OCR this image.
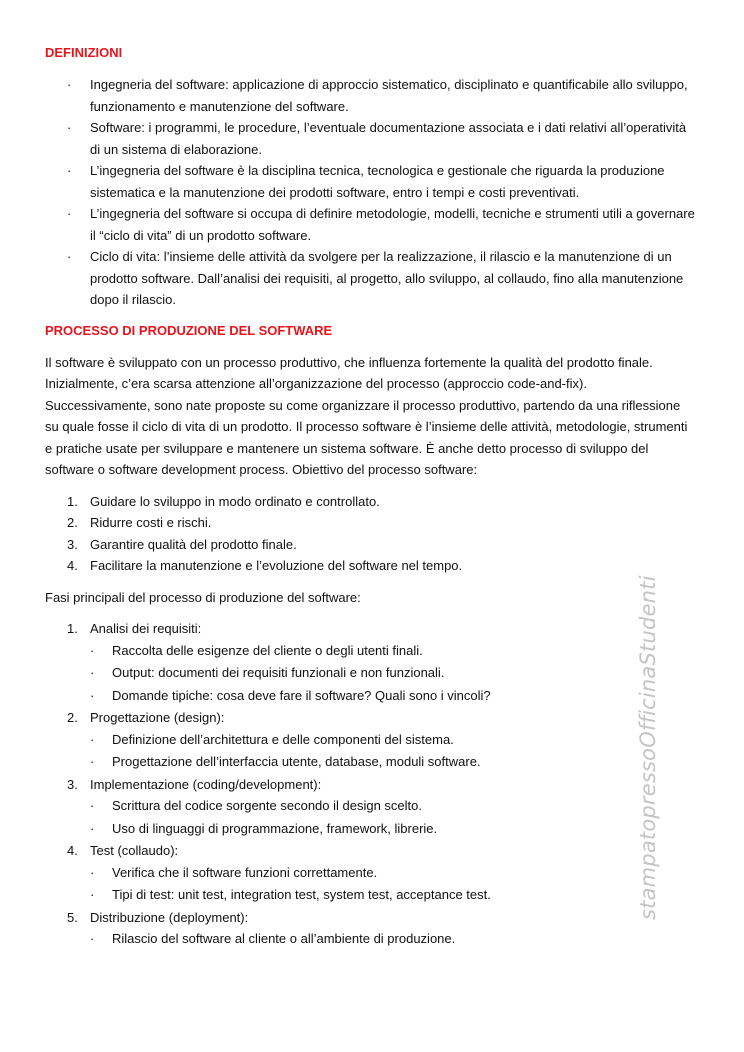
DEFINIZIONI
· Ingegneria del software: applicazione di approccio sistematico, disciplinato e quantificabile allo sviluppo, funzionamento e manutenzione del software.
· Software: i programmi, le procedure, l’eventuale documentazione associata e i dati relativi all’operatività di un sistema di elaborazione.
· L’ingegneria del software è la disciplina tecnica, tecnologica e gestionale che riguarda la produzione sistematica e la manutenzione dei prodotti software, entro i tempi e costi preventivati.
· L’ingegneria del software si occupa di definire metodologie, modelli, tecniche e strumenti utili a governare il “ciclo di vita” di un prodotto software.
· Ciclo di vita: l’insieme delle attività da svolgere per la realizzazione, il rilascio e la manutenzione di un prodotto software. Dall’analisi dei requisiti, al progetto, allo sviluppo, al collaudo, fino alla manutenzione dopo il rilascio.
PROCESSO DI PRODUZIONE DEL SOFTWARE

Il software è sviluppato con un processo produttivo, che influenza fortemente la qualità del prodotto finale. Inizialmente, c’era scarsa attenzione all’organizzazione del processo (approccio code-and-fix). Successivamente, sono nate proposte su come organizzare il processo produttivo, partendo da una riflessione su quale fosse il ciclo di vita di un prodotto. Il processo software è l’insieme delle attività, metodologie, strumenti e pratiche usate per sviluppare e mantenere un sistema software. È anche detto processo di sviluppo del software o software development process. Obiettivo del processo software:

1. Guidare lo sviluppo in modo ordinato e controllato.
2. Ridurre costi e rischi.
3. Garantire qualità del prodotto finale.
4. Facilitare la manutenzione e l’evoluzione del software nel tempo.

Fasi principali del processo di produzione del software:

1. Analisi dei requisiti:
· Raccolta delle esigenze del cliente o degli utenti finali.
· Output: documenti dei requisiti funzionali e non funzionali.
· Domande tipiche: cosa deve fare il software? Quali sono i vincoli?
2. Progettazione (design):
· Definizione dell’architettura e delle componenti del sistema.
· Progettazione dell’interfaccia utente, database, moduli software.
3. Implementazione (coding/development):
· Scrittura del codice sorgente secondo il design scelto.
· Uso di linguaggi di programmazione, framework, librerie.
4. Test (collaudo):
· Verifica che il software funzioni correttamente.
· Tipi di test: unit test, integration test, system test, acceptance test.
5. Distribuzione (deployment):
· Rilascio del software al cliente o all’ambiente di produzione.
stampatopressoOfficinaStudenti
